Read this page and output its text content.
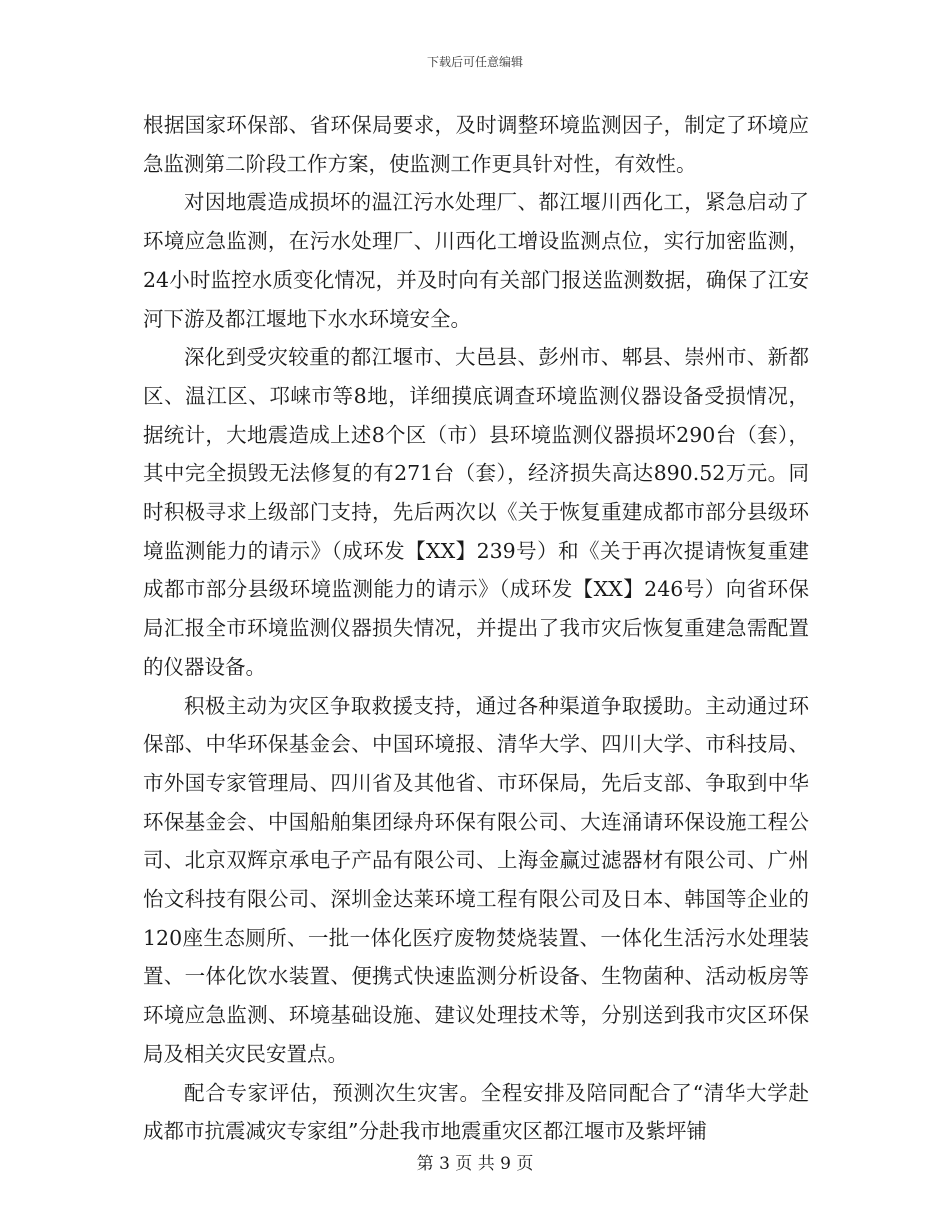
下载后可任意编辑

根据国家环保部、省环保局要求，及时调整环境监测因子，制定了环境应急监测第二阶段工作方案，使监测工作更具针对性，有效性。

对因地震造成损坏的温江污水处理厂、都江堰川西化工，紧急启动了环境应急监测，在污水处理厂、川西化工增设监测点位，实行加密监测，24小时监控水质变化情况，并及时向有关部门报送监测数据，确保了江安河下游及都江堰地下水水环境安全。

深化到受灾较重的都江堰市、大邑县、彭州市、郫县、崇州市、新都区、温江区、邛崃市等8地，详细摸底调查环境监测仪器设备受损情况，据统计，大地震造成上述8个区（市）县环境监测仪器损坏290台（套），其中完全损毁无法修复的有271台（套），经济损失高达890.52万元。同时积极寻求上级部门支持，先后两次以《关于恢复重建成都市部分县级环境监测能力的请示》（成环发【XX】239号）和《关于再次提请恢复重建成都市部分县级环境监测能力的请示》（成环发【XX】246号）向省环保局汇报全市环境监测仪器损失情况，并提出了我市灾后恢复重建急需配置的仪器设备。

积极主动为灾区争取救援支持，通过各种渠道争取援助。主动通过环保部、中华环保基金会、中国环境报、清华大学、四川大学、市科技局、市外国专家管理局、四川省及其他省、市环保局，先后支部、争取到中华环保基金会、中国船舶集团绿舟环保有限公司、大连涌请环保设施工程公司、北京双辉京承电子产品有限公司、上海金赢过滤器材有限公司、广州怡文科技有限公司、深圳金达莱环境工程有限公司及日本、韩国等企业的120座生态厕所、一批一体化医疗废物焚烧装置、一体化生活污水处理装置、一体化饮水装置、便携式快速监测分析设备、生物菌种、活动板房等环境应急监测、环境基础设施、建议处理技术等，分别送到我市灾区环保局及相关灾民安置点。

配合专家评估，预测次生灾害。全程安排及陪同配合了“清华大学赴成都市抗震减灾专家组”分赴我市地震重灾区都江堰市及紫坪铺

第 3 页 共 9 页
